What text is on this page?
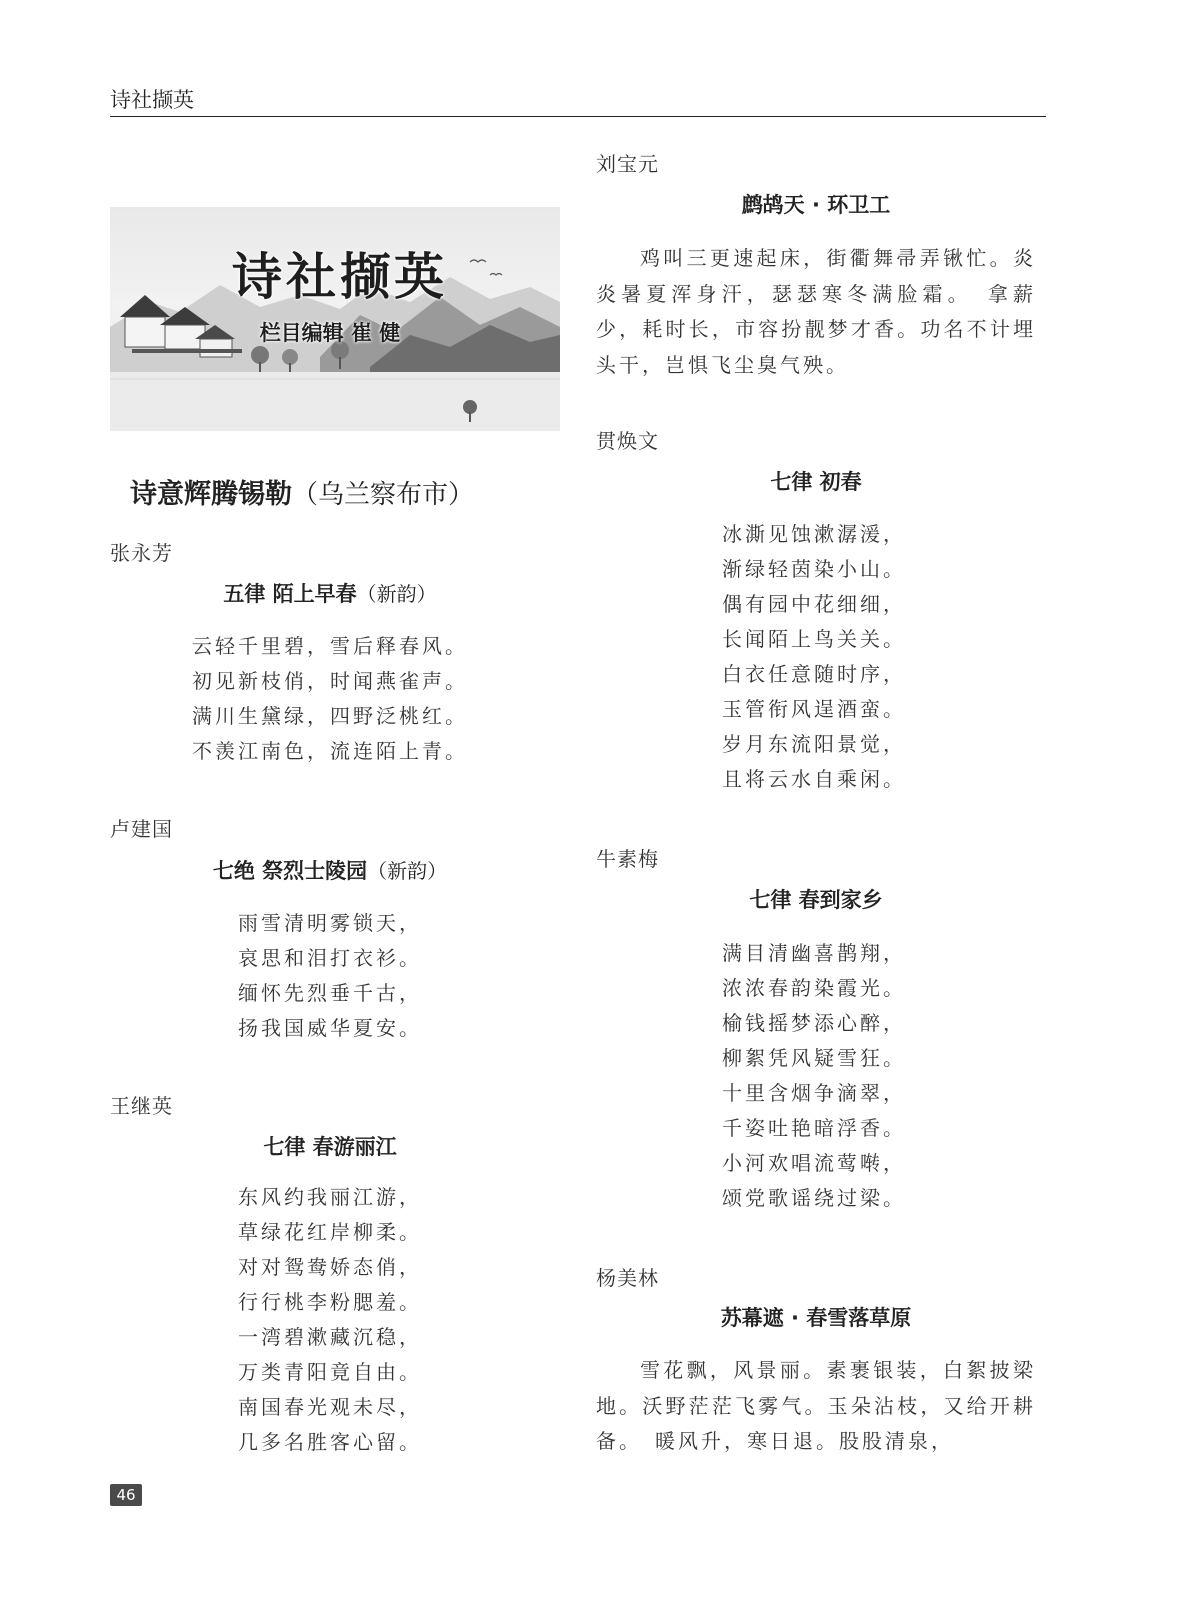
诗社撷英
诗社撷英
栏目编辑 崔 健
诗意辉腾锡勒（乌兰察布市）
张永芳
五律 陌上早春（新韵）
云轻千里碧，雪后释春风。
初见新枝俏，时闻燕雀声。
满川生黛绿，四野泛桃红。
不羡江南色，流连陌上青。
卢建国
七绝 祭烈士陵园（新韵）
雨雪清明雾锁天，
哀思和泪打衣衫。
缅怀先烈垂千古，
扬我国威华夏安。
王继英
七律 春游丽江
东风约我丽江游，
草绿花红岸柳柔。
对对鸳鸯娇态俏，
行行桃李粉腮羞。
一湾碧漱藏沉稳，
万类青阳竟自由。
南国春光观未尽，
几多名胜客心留。
刘宝元
鹧鸪天 · 环卫工
鸡叫三更速起床，街衢舞帚弄锹忙。炎炎暑夏浑身汗，瑟瑟寒冬满脸霜。　拿薪少，耗时长，市容扮靓梦才香。功名不计埋头干，岂惧飞尘臭气殃。
贯焕文
七律 初春
冰澌见蚀漱潺湲，
渐绿轻茵染小山。
偶有园中花细细，
长闻陌上鸟关关。
白衣任意随时序，
玉管衔风逞酒蛮。
岁月东流阳景觉，
且将云水自乘闲。
牛素梅
七律 春到家乡
满目清幽喜鹊翔，
浓浓春韵染霞光。
榆钱摇梦添心醉，
柳絮凭风疑雪狂。
十里含烟争滴翠，
千姿吐艳暗浮香。
小河欢唱流莺啭，
颂党歌谣绕过梁。
杨美林
苏幕遮 · 春雪落草原
雪花飘，风景丽。素裹银装，白絮披梁地。沃野茫茫飞雾气。玉朵沾枝，又给开耕备。　暖风升，寒日退。股股清泉，
46
